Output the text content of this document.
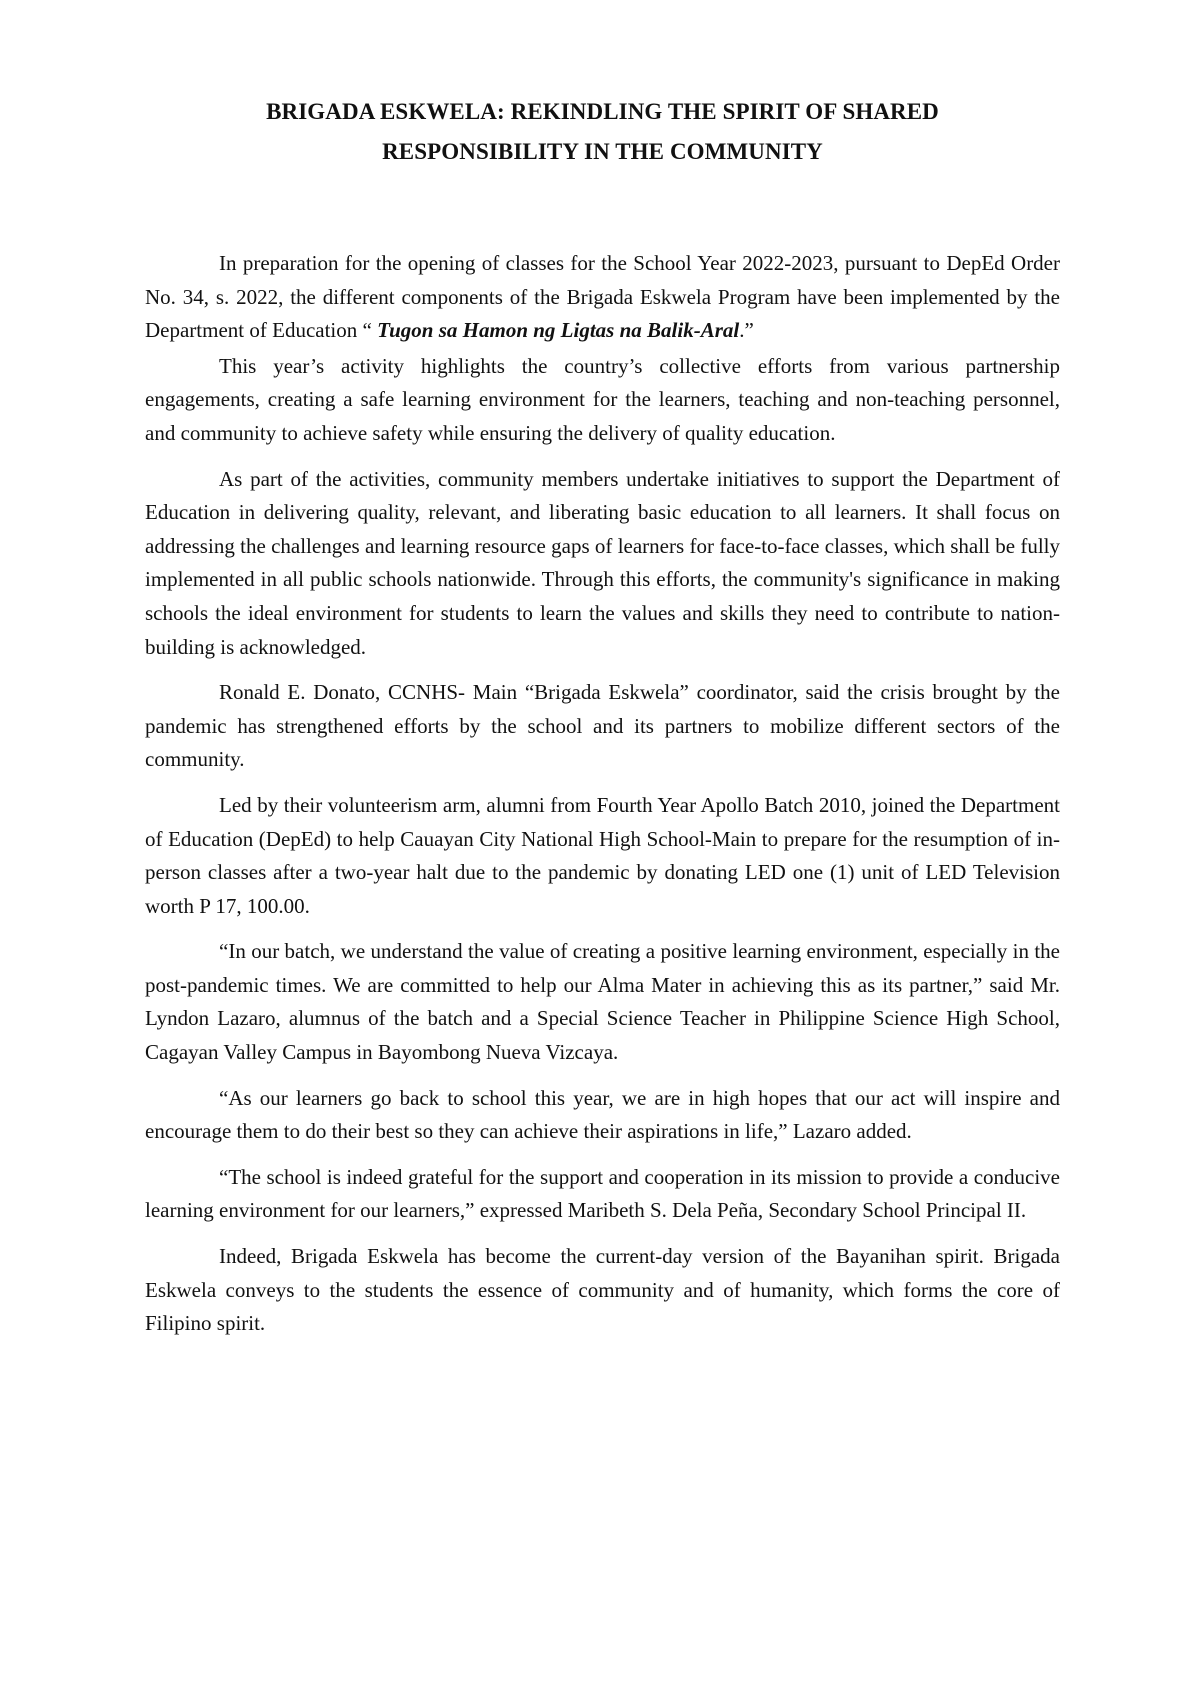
BRIGADA ESKWELA: REKINDLING THE SPIRIT OF SHARED
RESPONSIBILITY IN THE COMMUNITY

In preparation for the opening of classes for the School Year 2022-2023, pursuant to DepEd Order No. 34, s. 2022, the different components of the Brigada Eskwela Program have been implemented by the Department of Education “ Tugon sa Hamon ng Ligtas na Balik-Aral.”

This year’s activity highlights the country’s collective efforts from various partnership engagements, creating a safe learning environment for the learners, teaching and non-teaching personnel, and community to achieve safety while ensuring the delivery of quality education.

As part of the activities, community members undertake initiatives to support the Department of Education in delivering quality, relevant, and liberating basic education to all learners. It shall focus on addressing the challenges and learning resource gaps of learners for face-to-face classes, which shall be fully implemented in all public schools nationwide. Through this efforts, the community's significance in making schools the ideal environment for students to learn the values and skills they need to contribute to nation-building is acknowledged.

Ronald E. Donato, CCNHS- Main “Brigada Eskwela” coordinator, said the crisis brought by the pandemic has strengthened efforts by the school and its partners to mobilize different sectors of the community.

Led by their volunteerism arm, alumni from Fourth Year Apollo Batch 2010, joined the Department of Education (DepEd) to help Cauayan City National High School-Main to prepare for the resumption of in-person classes after a two-year halt due to the pandemic by donating LED one (1) unit of LED Television worth P 17, 100.00.

“In our batch, we understand the value of creating a positive learning environment, especially in the post-pandemic times. We are committed to help our Alma Mater in achieving this as its partner,” said Mr. Lyndon Lazaro, alumnus of the batch and a Special Science Teacher in Philippine Science High School, Cagayan Valley Campus in Bayombong Nueva Vizcaya.

“As our learners go back to school this year, we are in high hopes that our act will inspire and encourage them to do their best so they can achieve their aspirations in life,” Lazaro added.

“The school is indeed grateful for the support and cooperation in its mission to provide a conducive learning environment for our learners,” expressed Maribeth S. Dela Peña, Secondary School Principal II.

Indeed, Brigada Eskwela has become the current-day version of the Bayanihan spirit. Brigada Eskwela conveys to the students the essence of community and of humanity, which forms the core of Filipino spirit.
